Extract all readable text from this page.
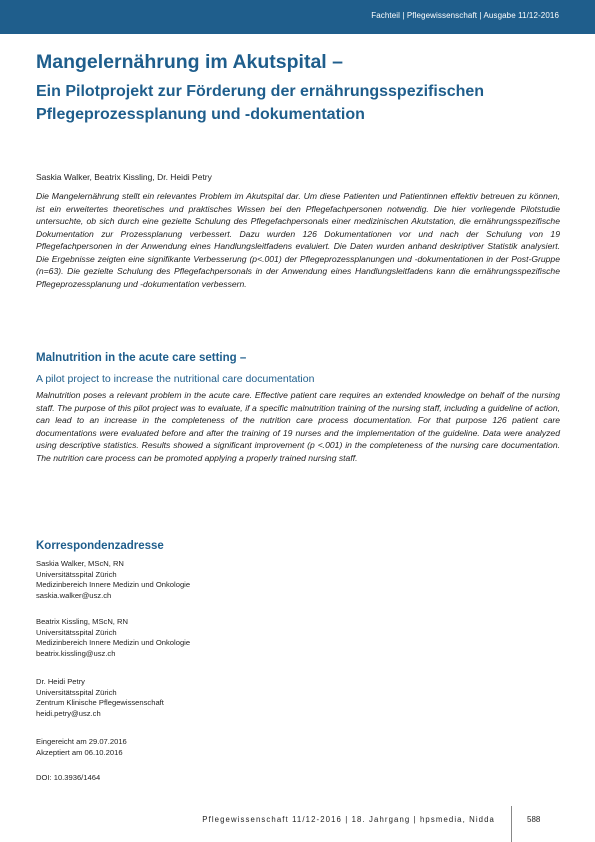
Fachteil | Pflegewissenschaft | Ausgabe 11/12-2016
Mangelernährung im Akutspital –
Ein Pilotprojekt zur Förderung der ernährungsspezifischen Pflegeprozessplanung und -dokumentation
Saskia Walker, Beatrix Kissling, Dr. Heidi Petry

Die Mangelernährung stellt ein relevantes Problem im Akutspital dar. Um diese Patienten und Patientinnen effektiv betreuen zu können, ist ein erweitertes theoretisches und praktisches Wissen bei den Pflegefachpersonen notwendig. Die hier vorliegende Pilotstudie untersuchte, ob sich durch eine gezielte Schulung des Pflegefachpersonals einer medizinischen Akutstation, die ernährungsspezifische Dokumentation zur Prozessplanung verbessert. Dazu wurden 126 Dokumentationen vor und nach der Schulung von 19 Pflegefachpersonen in der Anwendung eines Handlungsleitfadens evaluiert. Die Daten wurden anhand deskriptiver Statistik analysiert. Die Ergebnisse zeigten eine signifikante Verbesserung (p<.001) der Pflegeprozessplanungen und -dokumentationen in der Post-Gruppe (n=63). Die gezielte Schulung des Pflegefachpersonals in der Anwendung eines Handlungsleitfadens kann die ernährungsspezifische Pflegeprozessplanung und -dokumentation verbessern.

Malnutrition in the acute care setting –
A pilot project to increase the nutritional care documentation

Malnutrition poses a relevant problem in the acute care. Effective patient care requires an extended knowledge on behalf of the nursing staff. The purpose of this pilot project was to evaluate, if a specific malnutrition training of the nursing staff, including a guideline of action, can lead to an increase in the completeness of the nutrition care process documentation. For that purpose 126 patient care documentations were evaluated before and after the training of 19 nurses and the implementation of the guideline. Data were analyzed using descriptive statistics. Results showed a significant improvement (p <.001) in the completeness of the nursing care documentation. The nutrition care process can be promoted applying a properly trained nursing staff.

Korrespondenzadresse
Saskia Walker, MScN, RN
Universitätsspital Zürich
Medizinbereich Innere Medizin und Onkologie
saskia.walker@usz.ch
Beatrix Kissling, MScN, RN
Universitätsspital Zürich
Medizinbereich Innere Medizin und Onkologie
beatrix.kissling@usz.ch
Dr. Heidi Petry
Universitätsspital Zürich
Zentrum Klinische Pflegewissenschaft
heidi.petry@usz.ch
Eingereicht am 29.07.2016
Akzeptiert am 06.10.2016
DOI: 10.3936/1464
Pflegewissenschaft 11/12-2016 | 18. Jahrgang | hpsmedia, Nidda	588
